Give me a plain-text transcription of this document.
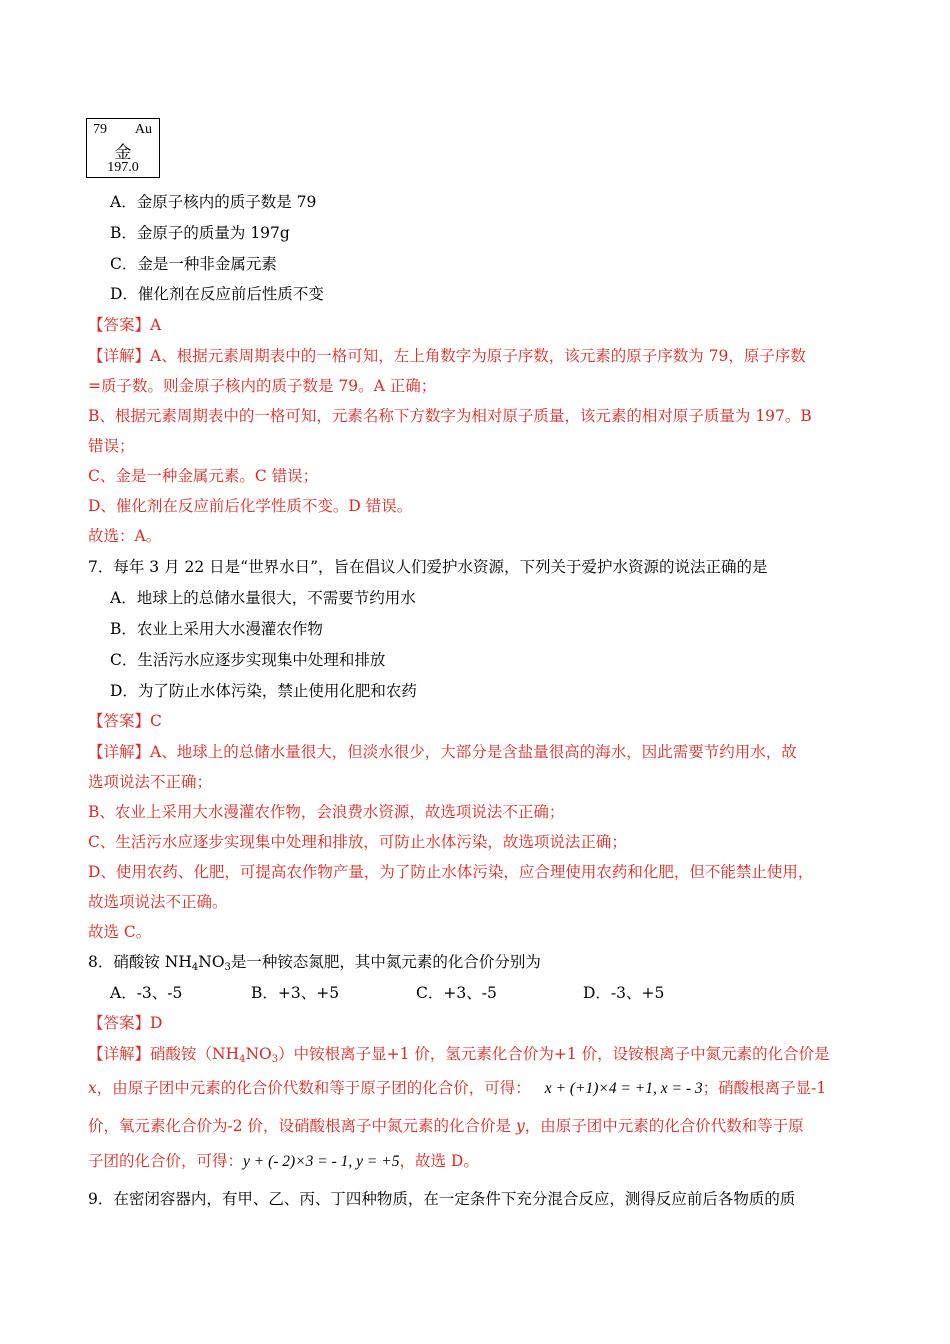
79 Au
金
197.0
A．金原子核内的质子数是 79
B．金原子的质量为 197g
C．金是一种非金属元素
D．催化剂在反应前后性质不变
【答案】A
【详解】A、根据元素周期表中的一格可知，左上角数字为原子序数，该元素的原子序数为 79，原子序数
=质子数。则金原子核内的质子数是 79。A 正确；
B、根据元素周期表中的一格可知，元素名称下方数字为相对原子质量，该元素的相对原子质量为 197。B
错误；
C、金是一种金属元素。C 错误；
D、催化剂在反应前后化学性质不变。D 错误。
故选：A。
7．每年 3 月 22 日是“世界水日”，旨在倡议人们爱护水资源，下列关于爱护水资源的说法正确的是
A．地球上的总储水量很大，不需要节约用水
B．农业上采用大水漫灌农作物
C．生活污水应逐步实现集中处理和排放
D．为了防止水体污染，禁止使用化肥和农药
【答案】C
【详解】A、地球上的总储水量很大，但淡水很少，大部分是含盐量很高的海水，因此需要节约用水，故
选项说法不正确；
B、农业上采用大水漫灌农作物，会浪费水资源，故选项说法不正确；
C、生活污水应逐步实现集中处理和排放，可防止水体污染，故选项说法正确；
D、使用农药、化肥，可提高农作物产量，为了防止水体污染，应合理使用农药和化肥，但不能禁止使用，
故选项说法不正确。
故选 C。
8．硝酸铵 $NH_4NO_3$是一种铵态氮肥，其中氮元素的化合价分别为
A．-3、-5	B．+3、+5	C．+3、-5	D．-3、+5
【答案】D
【详解】硝酸铵$(NH_4NO_3)$中铵根离子显+1 价，氢元素化合价为+1 价，设铵根离子中氮元素的化合价是
x，由原子团中元素的化合价代数和等于原子团的化合价，可得： x + (+1)×4 = +1, x = - 3；硝酸根离子显-1
价，氧元素化合价为-2 价，设硝酸根离子中氮元素的化合价是 y，由原子团中元素的化合价代数和等于原
子团的化合价，可得：y + (- 2)×3 = - 1, y = +5，故选 D。
9．在密闭容器内，有甲、乙、丙、丁四种物质，在一定条件下充分混合反应，测得反应前后各物质的质
